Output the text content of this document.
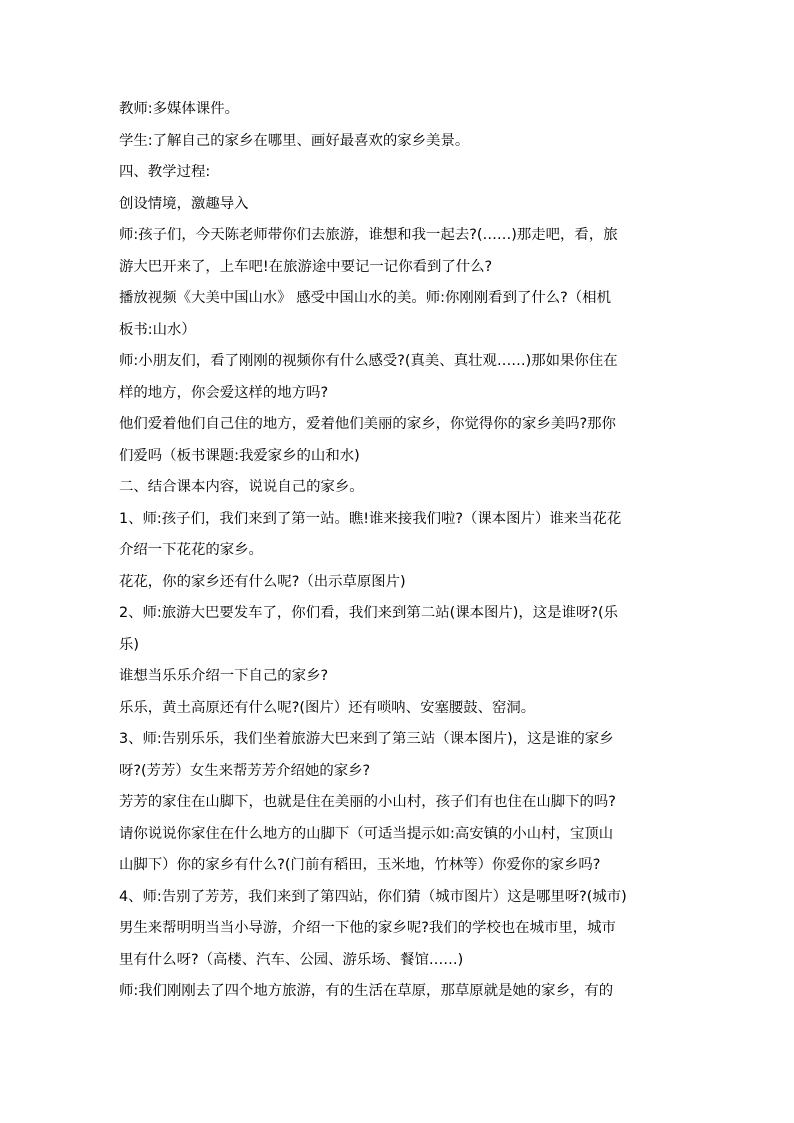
教师:多媒体课件。

学生:了解自己的家乡在哪里、画好最喜欢的家乡美景。

四、教学过程:

创设情境，激趣导入

师:孩子们，今天陈老师带你们去旅游，谁想和我一起去?(……)那走吧，看，旅

游大巴开来了，上车吧!在旅游途中要记一记你看到了什么?

播放视频《大美中国山水》 感受中国山水的美。师:你刚刚看到了什么?（相机

板书:山水）

师:小朋友们，看了刚刚的视频你有什么感受?(真美、真壮观……)那如果你住在

样的地方，你会爱这样的地方吗?

他们爱着他们自己住的地方，爱着他们美丽的家乡，你觉得你的家乡美吗?那你

们爱吗（板书课题:我爱家乡的山和水)

二、结合课本内容，说说自己的家乡。

1、师:孩子们，我们来到了第一站。瞧!谁来接我们啦?（课本图片）谁来当花花

介绍一下花花的家乡。

花花，你的家乡还有什么呢?（出示草原图片)

2、师:旅游大巴要发车了，你们看，我们来到第二站(课本图片)，这是谁呀?(乐

乐)

谁想当乐乐介绍一下自己的家乡?

乐乐，黄土高原还有什么呢?(图片）还有唢呐、安塞腰鼓、窑洞。

3、师:告别乐乐，我们坐着旅游大巴来到了第三站（课本图片)，这是谁的家乡

呀?(芳芳）女生来帮芳芳介绍她的家乡?

芳芳的家住在山脚下，也就是住在美丽的小山村，孩子们有也住在山脚下的吗?

请你说说你家住在什么地方的山脚下（可适当提示如:高安镇的小山村，宝顶山

山脚下）你的家乡有什么?(门前有稻田，玉米地，竹林等）你爱你的家乡吗?

4、师:告别了芳芳，我们来到了第四站，你们猜（城市图片）这是哪里呀?(城市)

男生来帮明明当当小导游，介绍一下他的家乡呢?我们的学校也在城市里，城市

里有什么呀?（高楼、汽车、公园、游乐场、餐馆……)

师:我们刚刚去了四个地方旅游，有的生活在草原，那草原就是她的家乡，有的
